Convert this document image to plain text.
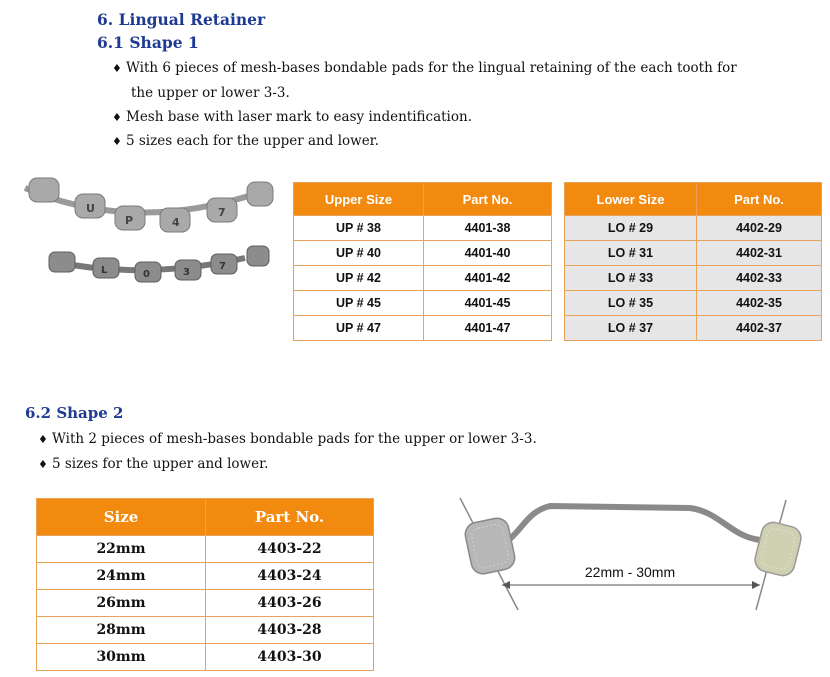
6. Lingual Retainer
6.1 Shape 1
♦ With 6 pieces of mesh-bases bondable pads for the lingual retaining of the each tooth for
the upper or lower 3-3.
♦ Mesh base with laser mark to easy indentification.
♦ 5 sizes each for the upper and lower.
U
P	4
7
L	0	3
7
Upper Size	Part No.
UP # 38	4401-38
UP # 40	4401-40
UP # 42	4401-42
UP # 45	4401-45
UP # 47	4401-47
Lower Size	Part No.
LO # 29	4402-29
LO # 31	4402-31
LO # 33	4402-33
LO # 35	4402-35
LO # 37	4402-37
6.2 Shape 2
♦ With 2 pieces of mesh-bases bondable pads for the upper or lower 3-3.
♦ 5 sizes for the upper and lower.
Size	Part No.
22mm	4403-22
24mm	4403-24
26mm	4403-26
28mm	4403-28
30mm	4403-30
22mm - 30mm
